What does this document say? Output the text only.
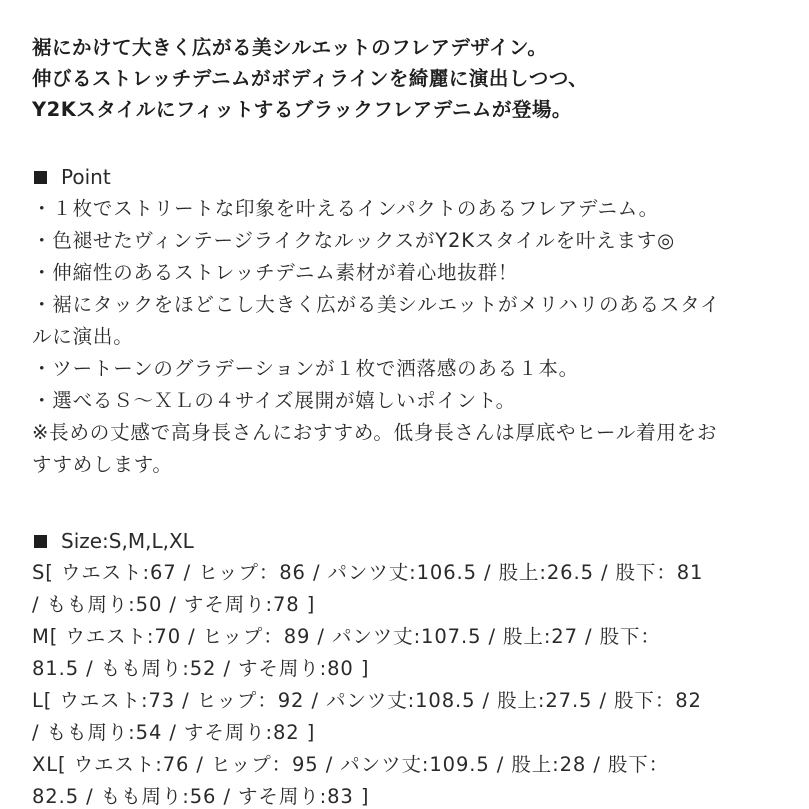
裾にかけて大きく広がる美シルエットのフレアデザイン。
伸びるストレッチデニムがボディラインを綺麗に演出しつつ、
Y2Kスタイルにフィットするブラックフレアデニムが登場。
Point
・１枚でストリートな印象を叶えるインパクトのあるフレアデニム。
・色褪せたヴィンテージライクなルックスがY2Kスタイルを叶えます◎
・伸縮性のあるストレッチデニム素材が着心地抜群！
・裾にタックをほどこし大きく広がる美シルエットがメリハリのあるスタイ
ルに演出。
・ツートーンのグラデーションが１枚で洒落感のある１本。
・選べるＳ～ＸＬの４サイズ展開が嬉しいポイント。
※長めの丈感で高身長さんにおすすめ。低身長さんは厚底やヒール着用をお
すすめします。
Size:S,M,L,XL
S[ ウエスト:67 / ヒップ：86 / パンツ丈:106.5 / 股上:26.5 / 股下：81
/ もも周り:50 / すそ周り:78 ]
M[ ウエスト:70 / ヒップ：89 / パンツ丈:107.5 / 股上:27 / 股下：
81.5 / もも周り:52 / すそ周り:80 ]
L[ ウエスト:73 / ヒップ：92 / パンツ丈:108.5 / 股上:27.5 / 股下：82
/ もも周り:54 / すそ周り:82 ]
XL[ ウエスト:76 / ヒップ：95 / パンツ丈:109.5 / 股上:28 / 股下：
82.5 / もも周り:56 / すそ周り:83 ]
